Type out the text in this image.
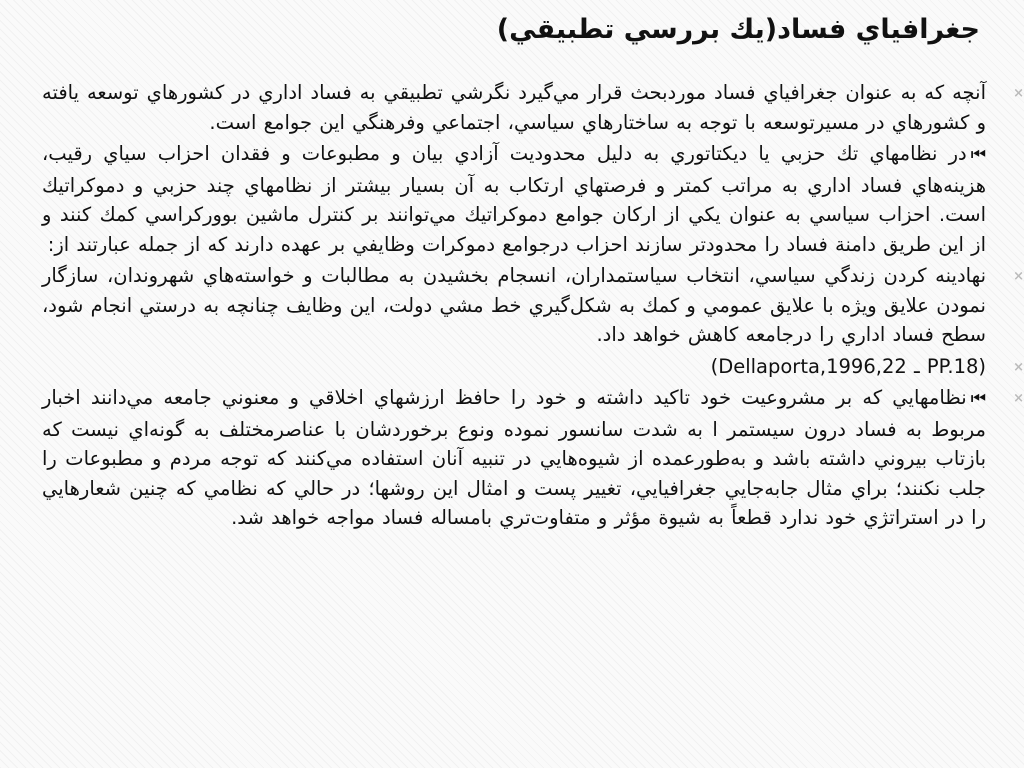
جغرافياي فساد(يك بررسي تطبيقي)
×
آنچه كه به عنوان جغرافياي فساد موردبحث قرار مي‌گيرد نگرشي تطبيقي به فساد اداري در كشورهاي توسعه يافته و كشورهاي در مسيرتوسعه با توجه به ساختارهاي سياسي، اجتماعي وفرهنگي اين جوامع است.
⏮در نظامهاي تك حزبي يا ديكتاتوري به دليل محدوديت آزادي بيان و مطبوعات و فقدان احزاب سياي رقيب، هزينه‌هاي فساد اداري به مراتب كمتر و فرصتهاي ارتكاب به آن بسيار بيشتر از نظامهاي چند حزبي و دموكراتيك است. احزاب سياسي به عنوان يكي از اركان جوامع دموكراتيك مي‌توانند بر كنترل ماشين بووركراسي كمك كنند و از اين طريق دامنة فساد را محدودتر سازند احزاب درجوامع دموكرات وظايفي بر عهده دارند كه از جمله عبارتند از:
×
نهادينه كردن زندگي سياسي، انتخاب سياستمداران، انسجام بخشيدن به مطالبات و خواسته‌هاي شهروندان، سازگار نمودن علايق ويژه با علايق عمومي و كمك به شكل‌گيري خط مشي دولت، اين وظايف چنانچه به درستي انجام شود، سطح فساد اداري را درجامعه كاهش خواهد داد.
×
(Dellaporta,1996,22 ـ PP.18)
×
⏮نظامهايي كه بر مشروعيت خود تاكيد داشته و خود را حافظ ارزشهاي اخلاقي و معنوني جامعه مي‌دانند اخبار مربوط به فساد درون سيستمر ا به شدت سانسور نموده ونوع برخوردشان با عناصرمختلف به گونه‌اي نيست كه بازتاب بيروني داشته باشد و به‌طورعمده از شيوه‌هايي در تنبيه آنان استفاده مي‌كنند كه توجه مردم و مطبوعات را جلب نكنند؛ براي مثال جابه‌جايي جغرافيايي، تغيير پست و امثال اين روشها؛ در حالي كه نظامي كه چنين شعارهايي را در استراتژي خود ندارد قطعاً به شيوة مؤثر و متفاوت‌تري بامساله فساد مواجه خواهد شد.
